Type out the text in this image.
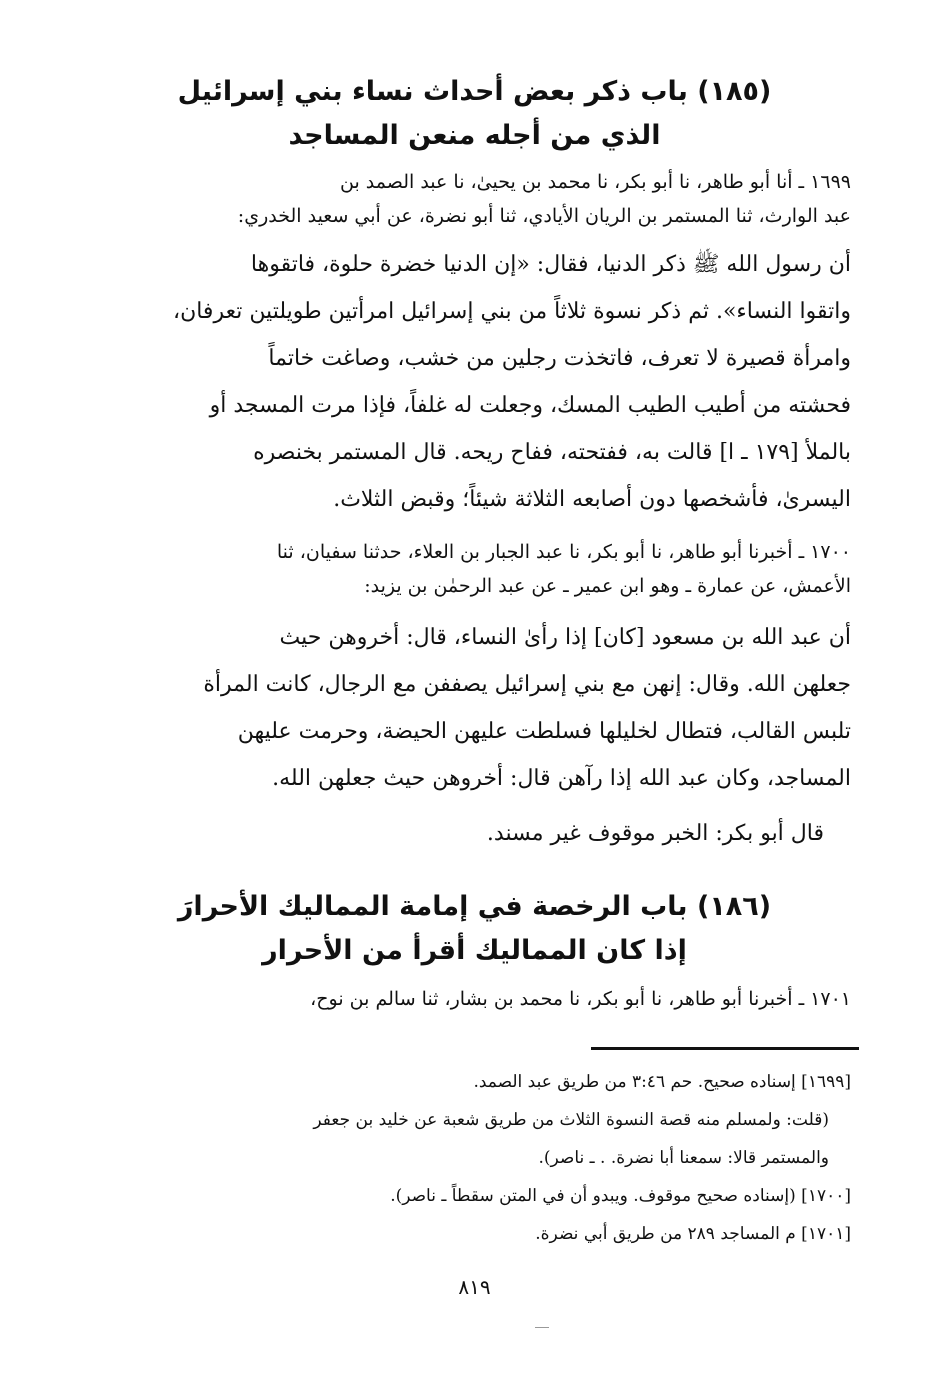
(١٨٥) باب ذكر بعض أحداث نساء بني إسرائيل
الذي من أجله منعن المساجد
١٦٩٩ ـ أنا أبو طاهر، نا أبو بكر، نا محمد بن يحيىٰ، نا عبد الصمد بن
عبد الوارث، ثنا المستمر بن الريان الأيادي، ثنا أبو نضرة، عن أبي سعيد الخدري:
أن رسول الله ﷺ ذكر الدنيا، فقال: «إن الدنيا خضرة حلوة، فاتقوها
واتقوا النساء». ثم ذكر نسوة ثلاثاً من بني إسرائيل امرأتين طويلتين تعرفان،
وامرأة قصيرة لا تعرف، فاتخذت رجلين من خشب، وصاغت خاتماً
فحشته من أطيب الطيب المسك، وجعلت له غلفاً، فإذا مرت المسجد أو
بالملأ [١٧٩ ـ ا] قالت به، ففتحته، ففاح ريحه. قال المستمر بخنصره
اليسرىٰ، فأشخصها دون أصابعه الثلاثة شيئاً؛ وقبض الثلاث.
١٧٠٠ ـ أخبرنا أبو طاهر، نا أبو بكر، نا عبد الجبار بن العلاء، حدثنا سفيان، ثنا
الأعمش، عن عمارة ـ وهو ابن عمير ـ عن عبد الرحمٰن بن يزيد:
أن عبد الله بن مسعود [كان] إذا رأىٰ النساء، قال: أخروهن حيث
جعلهن الله. وقال: إنهن مع بني إسرائيل يصففن مع الرجال، كانت المرأة
تلبس القالب، فتطال لخليلها فسلطت عليهن الحيضة، وحرمت عليهن
المساجد، وكان عبد الله إذا رآهن قال: أخروهن حيث جعلهن الله.
قال أبو بكر: الخبر موقوف غير مسند.
(١٨٦) باب الرخصة في إمامة المماليك الأحرارَ
إذا كان المماليك أقرأ من الأحرار
١٧٠١ ـ أخبرنا أبو طاهر، نا أبو بكر، نا محمد بن بشار، ثنا سالم بن نوح،
[١٦٩٩] إسناده صحيح. حم ٣:٤٦ من طريق عبد الصمد.
(قلت: ولمسلم منه قصة النسوة الثلاث من طريق شعبة عن خليد بن جعفر
والمستمر قالا: سمعنا أبا نضرة. . ـ ناصر).
[١٧٠٠] (إسناده صحيح موقوف. ويبدو أن في المتن سقطاً ـ ناصر).
[١٧٠١] م المساجد ٢٨٩ من طريق أبي نضرة.
٨١٩
